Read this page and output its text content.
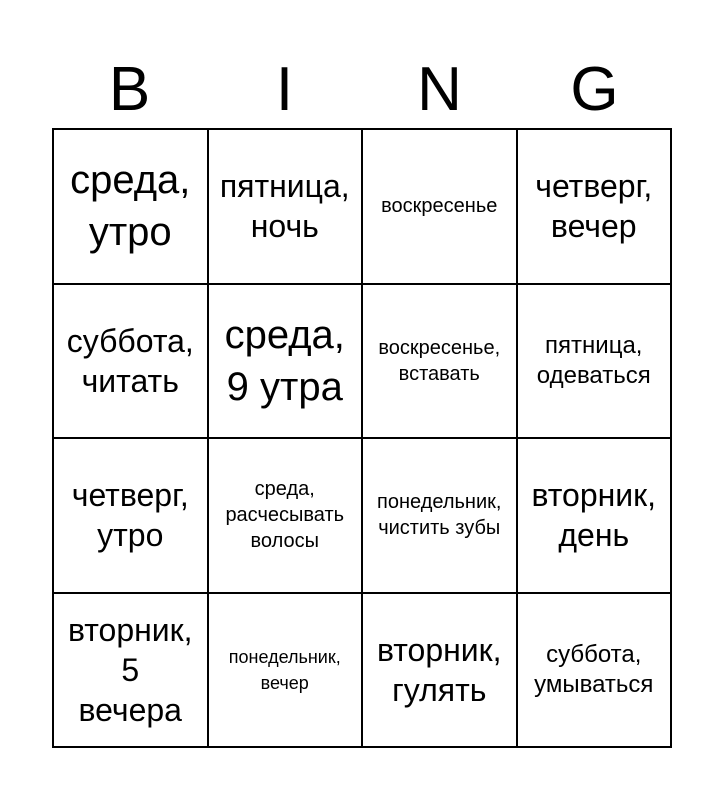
B	I	N	G
среда,
утро
пятница,
ночь
воскресенье
четверг,
вечер
суббота,
читать
среда,
9 утра
воскресенье,
вставать
пятница,
одеваться
четверг,
утро
среда,
расчесывать
волосы
понедельник,
чистить зубы
вторник,
день
вторник,
5
вечера
понедельник,
вечер
вторник,
гулять
суббота,
умываться
